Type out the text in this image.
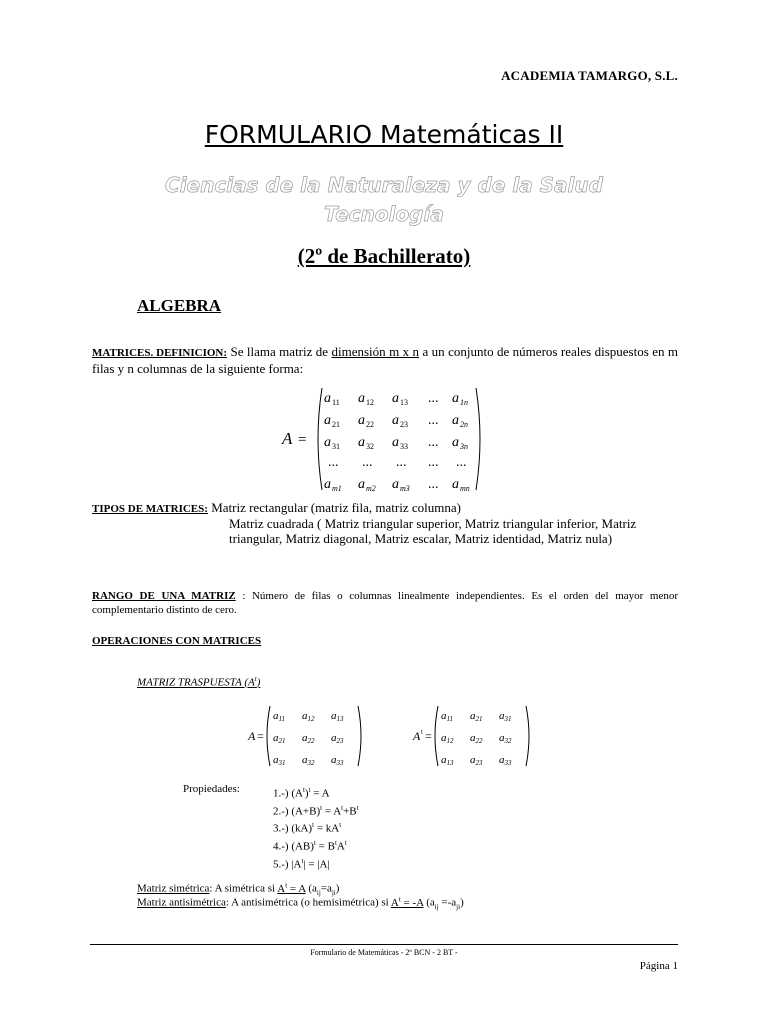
ACADEMIA TAMARGO, S.L.
FORMULARIO Matemáticas II
Ciencias de la Naturaleza y de la Salud
Tecnología
(2º de Bachillerato)
ALGEBRA
MATRICES. DEFINICION: Se llama matriz de dimensión m x n a un conjunto de números reales dispuestos en m filas y n columnas de la siguiente forma:
A =
a 11 a 12 a 13 ... a 1n
a 21 a 22 a 23 ... a 2n
a 31 a 32 a 33 ... a 3n
... ... ... ... ...
a m1 a m2 a m3 ... a mn
TIPOS DE MATRICES: Matriz rectangular (matriz fila, matriz columna)
Matriz cuadrada ( Matriz triangular superior, Matriz triangular inferior, Matriz triangular, Matriz diagonal, Matriz escalar, Matriz identidad, Matriz nula)
RANGO DE UNA MATRIZ : Número de filas o columnas linealmente independientes. Es el orden del mayor menor complementario distinto de cero.
OPERACIONES CON MATRICES
MATRIZ TRASPUESTA $(A^t)$
A =
a11 a12 a13
a21 a22 a23
a31 a32 a33
A t =
a11 a21 a31
a12 a22 a32
a13 a23 a33
Propiedades:	1.-) $(A^t)^t = A$
2.-) $(A+B)^t = A^t+B^t$
3.-) $(kA)^t = kA^t$
4.-) $(AB)^t = B^tA^t$
5.-) $|A^t| = |A|$
Matriz simétrica: A simétrica si $A^t = A$ $(a_{ij}=a_{ji})$
Matriz antisimétrica: A antisimétrica (o hemisimétrica) si $A^t = -A$ $(a_{ij} =-a_{ji})$
Formulario de Matemáticas - 2º BCN - 2 BT -
Página 1
